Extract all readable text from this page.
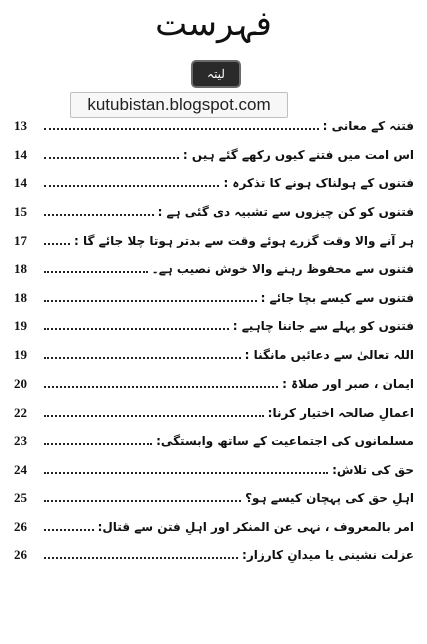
فہرست
لیتہ
kutubistan.blogspot.com
13	فتنہ کے معانی :
14	اس امت میں فتنے کیوں رکھے گئے ہیں :
14	فتنوں کے ہولناک ہونے کا تذکرہ :
15	فتنوں کو کن چیزوں سے تشبیہ دی گئی ہے :
17	ہر آنے والا وقت گزرے ہوئے وقت سے بدتر ہوتا چلا جائے گا :
18	فتنوں سے محفوظ رہنے والا خوش نصیب ہے۔
18	فتنوں سے کیسے بچا جائے :
19	فتنوں کو پہلے سے جاننا چاہیے :
19	اللہ تعالیٰ سے دعائیں مانگنا :
20	ایمان ، صبر اور صلاۃ :
22	اعمالِ صالحہ اختیار کرنا:
23	مسلمانوں کی اجتماعیت کے ساتھ وابستگی:
24	حق کی تلاش:
25	اہلِ حق کی پہچان کیسے ہو؟
26	امر بالمعروف ، نہی عن المنکر اور اہلِ فتن سے قتال:
26	عزلت نشینی یا میدانِ کارزار:
